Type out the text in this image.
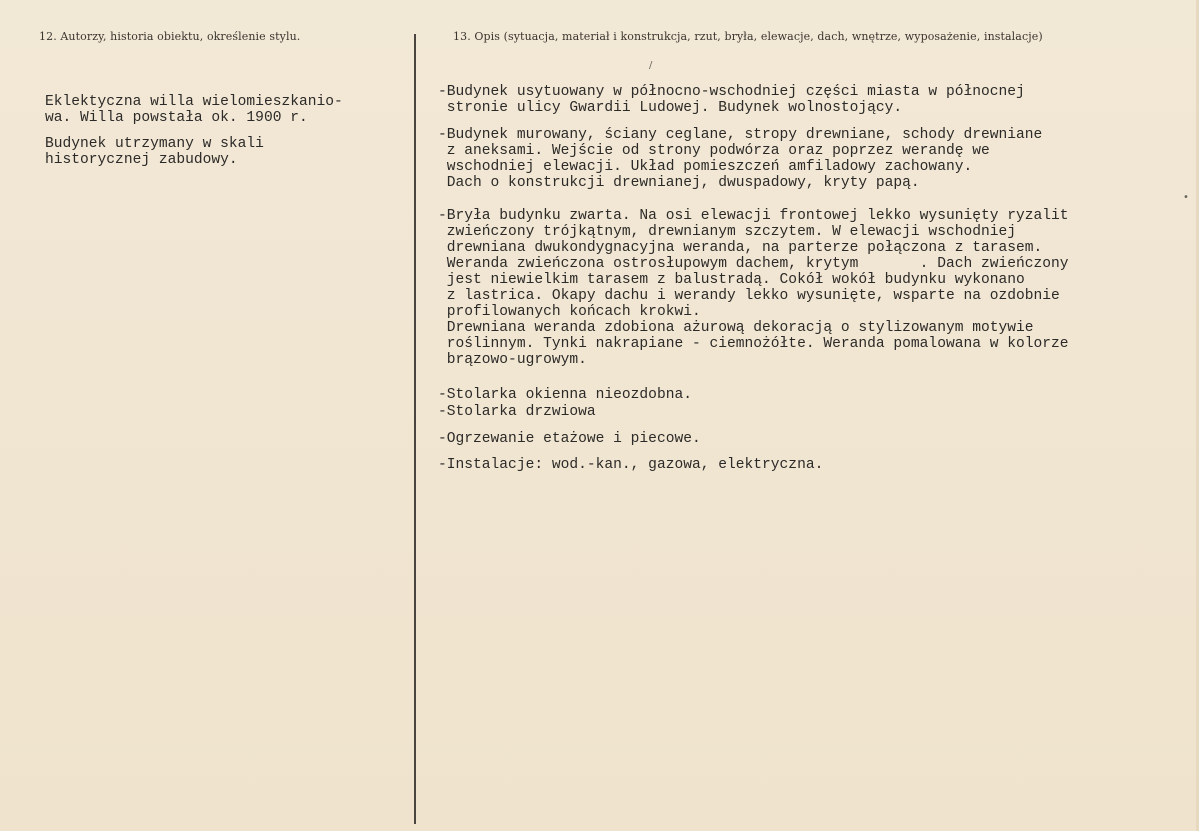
12. Autorzy, historia obiektu, określenie stylu.	13. Opis (sytuacja, materiał i konstrukcja, rzut, bryła, elewacje, dach, wnętrze, wyposażenie, instalacje)
Eklektyczna willa wielomieszkanio-
wa. Willa powstała ok. 1900 r.
Budynek utrzymany w skali
historycznej zabudowy.
-Budynek usytuowany w północno-wschodniej części miasta w północnej
stronie ulicy Gwardii Ludowej. Budynek wolnostojący.
-Budynek murowany, ściany ceglane, stropy drewniane, schody drewniane
z aneksami. Wejście od strony podwórza oraz poprzez werandę we
wschodniej elewacji. Układ pomieszczeń amfiladowy zachowany.
Dach o konstrukcji drewnianej, dwuspadowy, kryty papą.
-Bryła budynku zwarta. Na osi elewacji frontowej lekko wysunięty ryzalit
zwieńczony trójkątnym, drewnianym szczytem. W elewacji wschodniej
drewniana dwukondygnacyjna weranda, na parterze połączona z tarasem.
Weranda zwieńczona ostrosłupowym dachem, krytym       . Dach zwieńczony
jest niewielkim tarasem z balustradą. Cokół wokół budynku wykonano
z lastrica. Okapy dachu i werandy lekko wysunięte, wsparte na ozdobnie
profilowanych końcach krokwi.
Drewniana weranda zdobiona ażurową dekoracją o stylizowanym motywie
roślinnym. Tynki nakrapiane - ciemnożółte. Weranda pomalowana w kolorze
brązowo-ugrowym.
-Stolarka okienna nieozdobna.
-Stolarka drzwiowa
-Ogrzewanie etażowe i piecowe.
-Instalacje: wod.-kan., gazowa, elektryczna.
/
•
